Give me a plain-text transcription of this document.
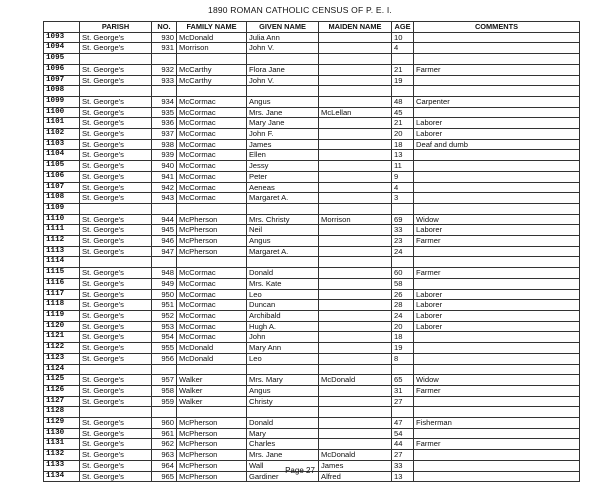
1890 ROMAN CATHOLIC CENSUS OF P. E. I.
	PARISH	NO.	FAMILY NAME	GIVEN NAME	MAIDEN NAME	AGE	COMMENTS
1093	St. George's	930	McDonald	Julia Ann		10	
1094	St. George's	931	Morrison	John V.		4	
1095							
1096	St. George's	932	McCarthy	Flora Jane		21	Farmer
1097	St. George's	933	McCarthy	John V.		19	
1098							
1099	St. George's	934	McCormac	Angus		48	Carpenter
1100	St. George's	935	McCormac	Mrs. Jane	McLellan	45	
1101	St. George's	936	McCormac	Mary Jane		21	Laborer
1102	St. George's	937	McCormac	John F.		20	Laborer
1103	St. George's	938	McCormac	James		18	Deaf and dumb
1104	St. George's	939	McCormac	Ellen		13	
1105	St. George's	940	McCormac	Jessy		11	
1106	St. George's	941	McCormac	Peter		9	
1107	St. George's	942	McCormac	Aeneas		4	
1108	St. George's	943	McCormac	Margaret A.		3	
1109							
1110	St. George's	944	McPherson	Mrs. Christy	Morrison	69	Widow
1111	St. George's	945	McPherson	Neil		33	Laborer
1112	St. George's	946	McPherson	Angus		23	Farmer
1113	St. George's	947	McPherson	Margaret A.		24	
1114							
1115	St. George's	948	McCormac	Donald		60	Farmer
1116	St. George's	949	McCormac	Mrs. Kate		58	
1117	St. George's	950	McCormac	Leo		26	Laborer
1118	St. George's	951	McCormac	Duncan		28	Laborer
1119	St. George's	952	McCormac	Archibald		24	Laborer
1120	St. George's	953	McCormac	Hugh A.		20	Laborer
1121	St. George's	954	McCormac	John		18	
1122	St. George's	955	McDonald	Mary Ann		19	
1123	St. George's	956	McDonald	Leo		8	
1124							
1125	St. George's	957	Walker	Mrs. Mary	McDonald	65	Widow
1126	St. George's	958	Walker	Angus		31	Farmer
1127	St. George's	959	Walker	Christy		27	
1128							
1129	St. George's	960	McPherson	Donald		47	Fisherman
1130	St. George's	961	McPherson	Mary		54	
1131	St. George's	962	McPherson	Charles		44	Farmer
1132	St. George's	963	McPherson	Mrs. Jane	McDonald	27	
1133	St. George's	964	McPherson	Wall	James	33	
1134	St. George's	965	McPherson	Gardiner	Alfred	13	
Page 27
